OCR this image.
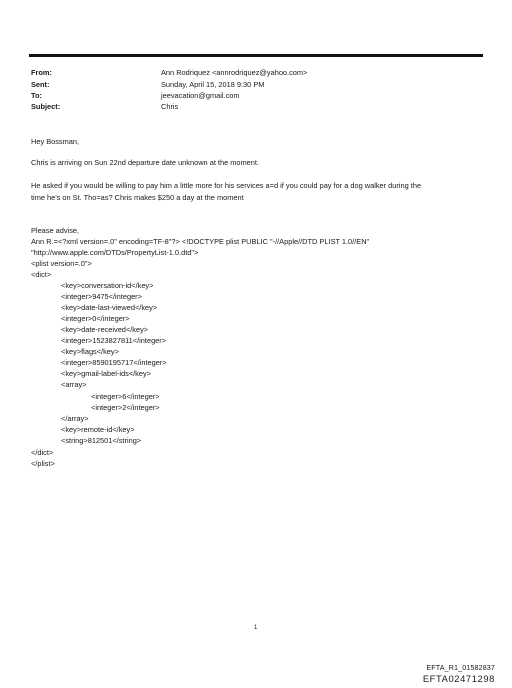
From:	Ann Rodriquez <annrodriquez@yahoo.com>
Sent:	Sunday, April 15, 2018 9:30 PM
To:	jeevacation@gmail.com
Subject:	Chris
Hey Bossman,
Chris is arriving on Sun 22nd departure date unknown at the moment.
He asked if you would be willing to pay him a little more for his services a=d if you could pay for a dog walker during the
time he's on St. Tho=as? Chris makes $250 a day at the moment
Please advise,
Ann R.=<?xml version=.0" encoding=TF-8"?> <!DOCTYPE plist PUBLIC "-//Apple//DTD PLIST 1.0//EN"
"http://www.apple.com/DTDs/PropertyList-1.0.dtd">
<plist version=.0">
<dict>
<key>conversation-id</key>
<integer>9475</integer>
<key>date-last-viewed</key>
<integer>0</integer>
<key>date-received</key>
<integer>1523827811</integer>
<key>flags</key>
<integer>8590195717</integer>
<key>gmail-label-ids</key>
<array>
<integer>6</integer>
<integer>2</integer>
</array>
<key>remote-id</key>
<string>812501</string>
</dict>
</plist>
1
EFTA_R1_01582837
EFTA02471298
